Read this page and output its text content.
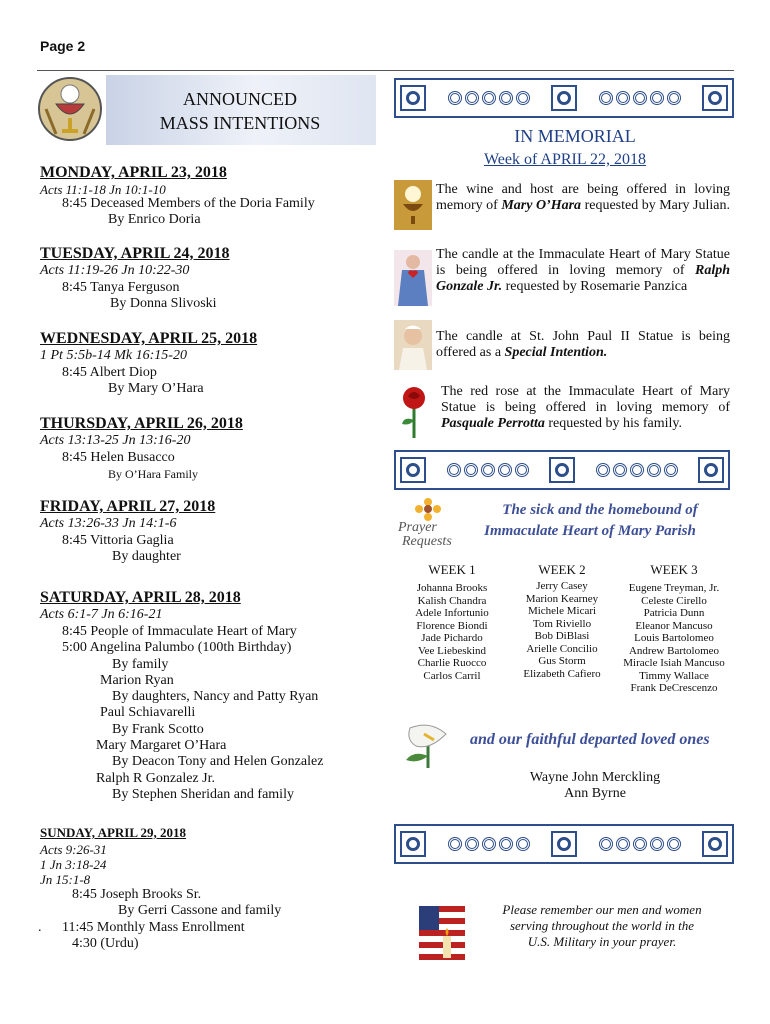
Page 2
ANNOUNCED
MASS INTENTIONS
MONDAY, APRIL 23, 2018
Acts 11:1-18 Jn 10:1-10
8:45 Deceased Members of the Doria Family
By Enrico Doria
TUESDAY, APRIL 24, 2018
Acts 11:19-26 Jn 10:22-30
8:45 Tanya Ferguson
By Donna Slivoski
WEDNESDAY, APRIL 25, 2018
1 Pt 5:5b-14 Mk 16:15-20
8:45 Albert Diop
By Mary O’Hara
THURSDAY, APRIL 26, 2018
Acts 13:13-25 Jn 13:16-20
8:45 Helen Busacco
By O’Hara Family
FRIDAY, APRIL 27, 2018
Acts 13:26-33 Jn 14:1-6
8:45 Vittoria Gaglia
By daughter
SATURDAY, APRIL 28, 2018
Acts 6:1-7 Jn 6:16-21
8:45 People of Immaculate Heart of Mary
5:00 Angelina Palumbo (100th Birthday)
By family
Marion Ryan
By daughters, Nancy and Patty Ryan
Paul Schiavarelli
By Frank Scotto
Mary Margaret O’Hara
By Deacon Tony and Helen Gonzalez
Ralph R Gonzalez Jr.
By Stephen Sheridan and family
SUNDAY, APRIL 29, 2018
Acts 9:26-31
1 Jn 3:18-24
Jn 15:1-8
8:45 Joseph Brooks Sr.
By Gerri Cassone and family
. 11:45 Monthly Mass Enrollment
4:30 (Urdu)
IN MEMORIAL
Week of APRIL 22, 2018
The wine and host are being offered in loving memory of Mary O’Hara requested by Mary Julian.
The candle at the Immaculate Heart of Mary Statue is being offered in loving memory of Ralph Gonzale Jr. requested by Rosemarie Panzica
The candle at St. John Paul II Statue is being offered as a Special Intention.
The red rose at the Immaculate Heart of Mary Statue is being offered in loving memory of Pasquale Perrotta requested by his family.
Prayer
Requests
The sick and the homebound of
Immaculate Heart of Mary Parish
WEEK 1
Johanna Brooks
Kalish Chandra
Adele Infortunio
Florence Biondi
Jade Pichardo
Vee Liebeskind
Charlie Ruocco
Carlos Carril
WEEK 2
Jerry Casey
Marion Kearney
Michele Micari
Tom Riviello
Bob DiBlasi
Arielle Concilio
Gus Storm
Elizabeth Cafiero
WEEK 3
Eugene Treyman, Jr.
Celeste Cirello
Patricia Dunn
Eleanor Mancuso
Louis Bartolomeo
Andrew Bartolomeo
Miracle Isiah Mancuso
Timmy Wallace
Frank DeCrescenzo
and our faithful departed loved ones
Wayne John Merckling
Ann Byrne
Please remember our men and women
serving throughout the world in the
U.S. Military in your prayer.
